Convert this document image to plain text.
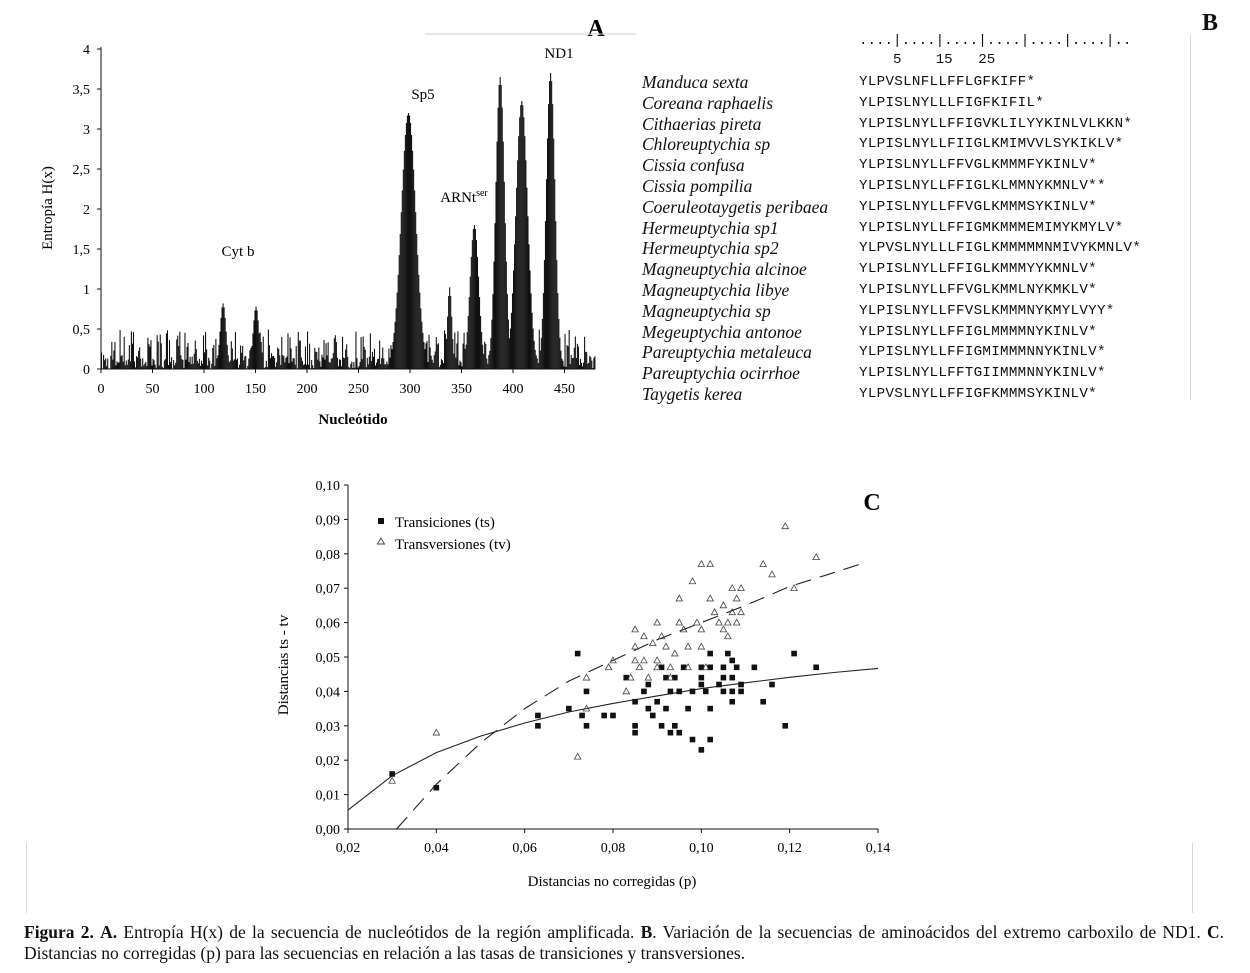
A
Entropía H(x)
Nucleótido
Cyt b
Sp5
ARNt$^{ser}$
ND1
0
0,5
1
1,5
2
2,5
3
3,5
4
0	50 100 150 200 250 300 350 400 450
B
....|....|....|....|....|....|..
5    15   25
Manduca sexta	YLPVSLNFLLFFLGFKIFF*
Coreana raphaelis	YLPISLNYLLLFIGFKIFIL*
Cithaerias pireta	YLPISLNYLLFFIGVKLILYYKINLVLKKN*
Chloreuptychia sp	YLPISLNYLLFIIGLKMIMVVLSYKIKLV*
Cissia confusa	YLPISLNYLLFFVGLKMMMFYKINLV*
Cissia pompilia	YLPISLNYLLFFIGLKLMMNYKMNLV**
Coeruleotaygetis peribaea YLPISLNYLLFFVGLKMMMSYKINLV*
Hermeuptychia sp1	YLPISLNYLLFFIGMKMMMEMIMYKMYLV*
Hermeuptychia sp2	YLPVSLNYLLLFIGLKMMMMMNMIVYKMNLV*
Magneuptychia alcinoe	YLPISLNYLLFFIGLKMMMYYKMNLV*
Magneuptychia libye	YLPISLNYLLFFVGLKMMLNYKMKLV*
Magneuptychia sp	YLPISLNYLLFFVSLKMMMNYKMYLVYY*
Megeuptychia antonoe	YLPISLNYLLFFIGLMMMMNYKINLV*
Pareuptychia metaleuca	YLPISLNYLLFFIGMIMMMNNYKINLV*
Pareuptychia ocirrhoe	YLPISLNYLLFFTGIIMMMNNYKINLV*
Taygetis kerea	YLPVSLNYLLFFIGFKMMMSYKINLV*
C
Distancias ts - tv
Distancias no corregidas (p)
Transiciones (ts)
Transversiones (tv)
0,00
0,01
0,02
0,03
0,04
0,05
0,06
0,07
0,08
0,09
0,10
0,02	0,04	0,06	0,08	0,10	0,12	0,14
Figura 2. A. Entropía H(x) de la secuencia de nucleótidos de la región amplificada. B. Variación de la secuencias de aminoácidos del extremo carboxilo de ND1. C. Distancias no corregidas (p) para las secuencias en relación a las tasas de transiciones y transversiones.
